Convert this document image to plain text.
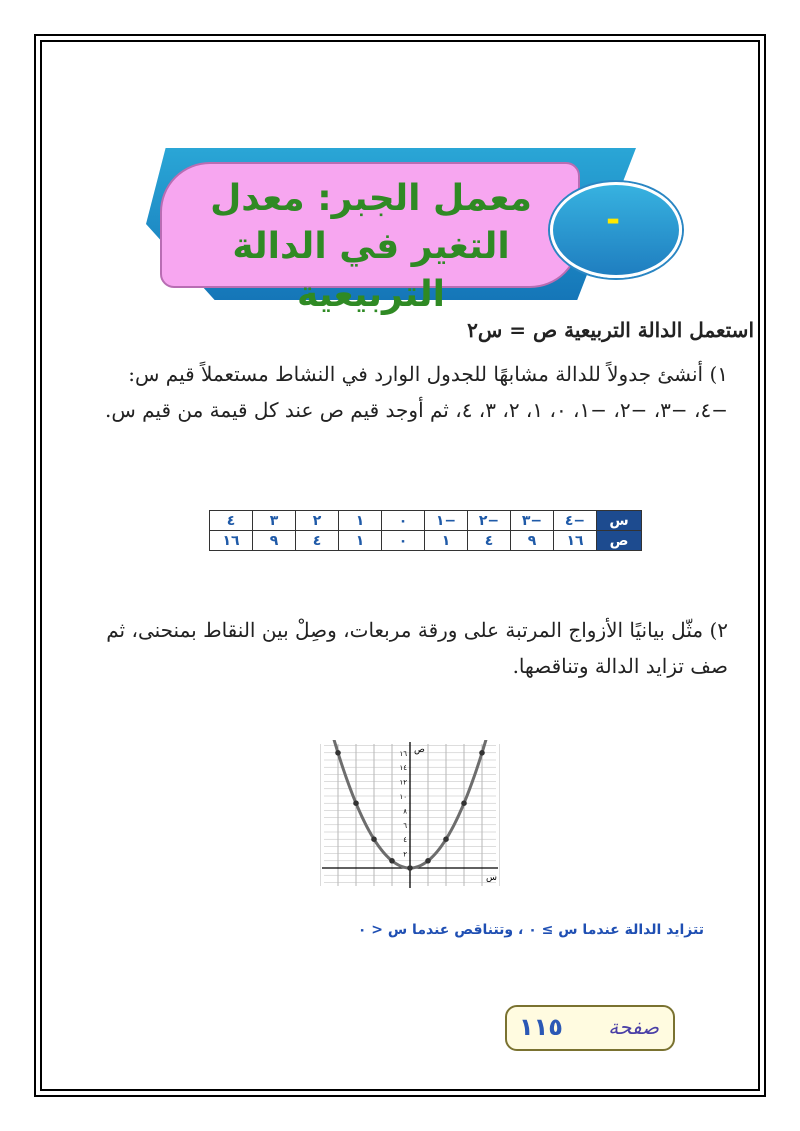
معمل الجبر: معدل
التغير في الدالة التربيعية
-
استعمل الدالة التربيعية ص = س٢
١) أنشئ جدولاً للدالة مشابهًا للجدول الوارد في النشاط مستعملاً قيم س: −٤، −٣، −٢، −١، ٠، ١، ٢، ٣، ٤، ثم أوجد قيم ص عند كل قيمة من قيم س.
س	−٤	−٣	−٢	−١	٠	١	٢	٣	٤
ص	١٦	٩	٤	١	٠	١	٤	٩	١٦
٢) مثّل بيانيًا الأزواج المرتبة على ورقة مربعات، وصِلْ بين النقاط بمنحنى، ثم صف تزايد الدالة وتناقصها.
١٦
١٤
١٢
١٠
٨
٦
٤
٢
ص
س
تتزايد الدالة عندما س ≥ ٠ ، وتتناقص عندما س < ٠
صفحة
١١٥
